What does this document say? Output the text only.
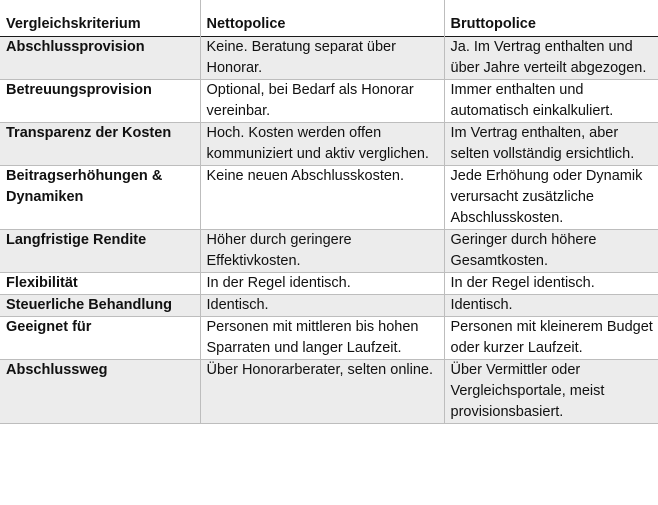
Vergleichskriterium	Nettopolice	Bruttopolice
Abschlussprovision	Keine. Beratung separat über Honorar.	Ja. Im Vertrag enthalten und über Jahre verteilt abgezogen.
Betreuungsprovision	Optional, bei Bedarf als Honorar vereinbar.	Immer enthalten und automatisch einkalkuliert.
Transparenz der Kosten	Hoch. Kosten werden offen kommuniziert und aktiv verglichen.	Im Vertrag enthalten, aber selten vollständig ersichtlich.
Beitragserhöhungen & Dynamiken	Keine neuen Abschlusskosten.	Jede Erhöhung oder Dynamik verursacht zusätzliche Abschlusskosten.
Langfristige Rendite	Höher durch geringere Effektivkosten.	Geringer durch höhere Gesamtkosten.
Flexibilität	In der Regel identisch.	In der Regel identisch.
Steuerliche Behandlung	Identisch.	Identisch.
Geeignet für	Personen mit mittleren bis hohen Sparraten und langer Laufzeit.	Personen mit kleinerem Budget oder kurzer Laufzeit.
Abschlussweg	Über Honorarberater, selten online.	Über Vermittler oder Vergleichsportale, meist provisionsbasiert.
